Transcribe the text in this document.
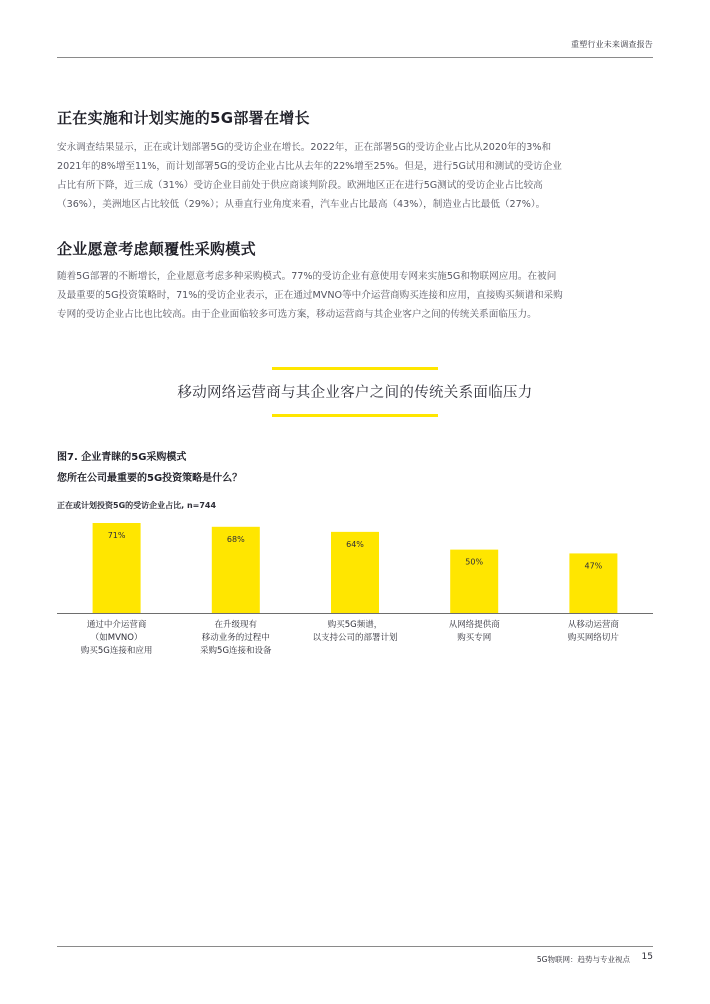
重塑行业未来调查报告
正在实施和计划实施的5G部署在增长
安永调查结果显示，正在或计划部署5G的受访企业在增长。2022年，正在部署5G的受访企业占比从2020年的3%和
2021年的8%增至11%，而计划部署5G的受访企业占比从去年的22%增至25%。但是，进行5G试用和测试的受访企业
占比有所下降，近三成（31%）受访企业目前处于供应商谈判阶段。欧洲地区正在进行5G测试的受访企业占比较高
（36%），美洲地区占比较低（29%）；从垂直行业角度来看，汽车业占比最高（43%），制造业占比最低（27%）。
企业愿意考虑颠覆性采购模式
随着5G部署的不断增长，企业愿意考虑多种采购模式。77%的受访企业有意使用专网来实施5G和物联网应用。在被问
及最重要的5G投资策略时，71%的受访企业表示，正在通过MVNO等中介运营商购买连接和应用，直接购买频谱和采购
专网的受访企业占比也比较高。由于企业面临较多可选方案，移动运营商与其企业客户之间的传统关系面临压力。
移动网络运营商与其企业客户之间的传统关系面临压力
图7. 企业青睐的5G采购模式
您所在公司最重要的5G投资策略是什么？
正在或计划投资5G的受访企业占比, n=744
71%
通过中介运营商
（如MVNO）
购买5G连接和应用
68%
在升级现有
移动业务的过程中
采购5G连接和设备
64%
购买5G频谱，
以支持公司的部署计划
50%
从网络提供商
购买专网
47%
从移动运营商
购买网络切片
5G物联网：趋势与专业视点 15
